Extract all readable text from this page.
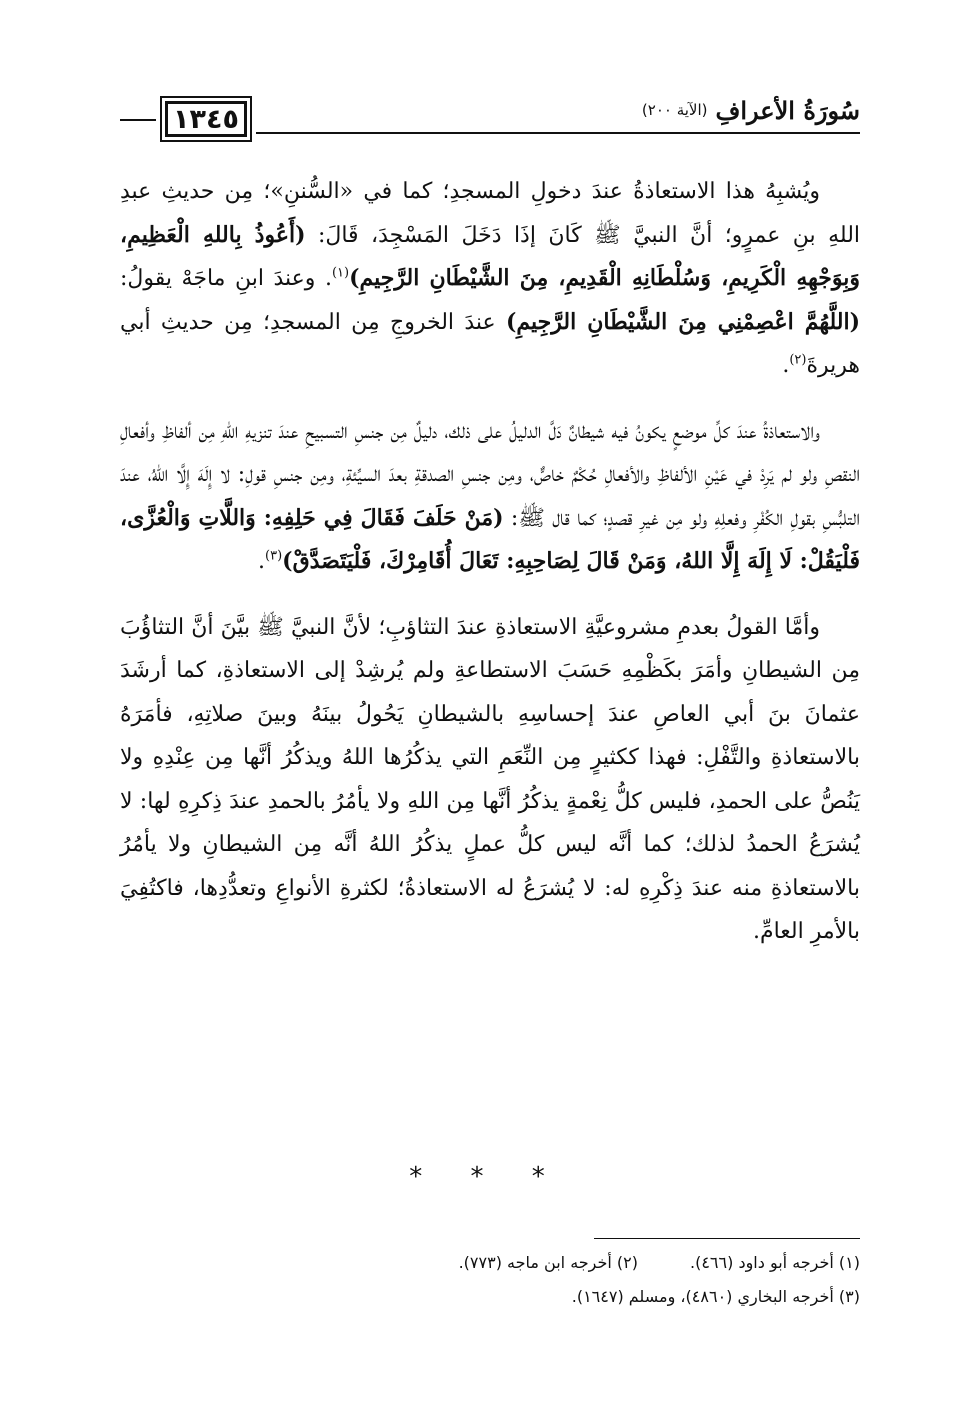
سُورَةُ الأعرافِ
(الآية ٢٠٠)
١٣٤٥

ويُشبِهُ هذا الاستعاذةُ عندَ دخولِ المسجدِ؛ كما في «السُّننِ»؛ مِن حديثِ عبدِ اللهِ بنِ عمرٍو؛ أنَّ النبيَّ ﷺ كَانَ إذَا دَخَلَ المَسْجِدَ، قَالَ: (أَعُوذُ بِاللهِ الْعَظِيمِ، وَبِوَجْهِهِ الْكَرِيمِ، وَسُلْطَانِهِ الْقَدِيمِ، مِنَ الشَّيْطَانِ الرَّجِيمِ)$^{(١)}$. وعندَ ابنِ ماجَهْ يقولُ: (اللَّهُمَّ اعْصِمْنِي مِنَ الشَّيْطَانِ الرَّجِيمِ) عندَ الخروجِ مِن المسجدِ؛ مِن حديثِ أبي هريرةَ$^{(٢)}$.

والاستعاذةُ عندَ كلِّ موضعٍ يكونُ فيه شيطانٌ دَلَّ الدليلُ على ذلك، دليلٌ مِن جنسِ التسبيحِ عندَ تنزيهِ اللهِ مِن ألفاظِ وأفعالِ النقصِ ولو لم يَرِدْ في عَيْنِ الألفاظِ والأفعالِ حُكْمٌ خاصٌّ، ومِن جنسِ الصدقةِ بعدَ السيِّئةِ، ومِن جنسِ قولِ: لا إِلَهَ إِلَّا اللهُ، عندَ التلبُّسِ بقولِ الكُفْرِ وفعلِهِ ولو مِن غيرِ قصدٍ؛ كما قال ﷺ: (مَنْ حَلَفَ فَقَالَ فِي حَلِفِهِ: وَاللَّاتِ وَالْعُزَّى، فَلْيَقُلْ: لَا إِلَهَ إِلَّا اللهُ، وَمَنْ قَالَ لِصَاحِبِهِ: تَعَالَ أُقَامِرْكَ، فَلْيَتَصَدَّقْ)$^{(٣)}$.

وأمَّا القولُ بعدمِ مشروعيَّةِ الاستعاذةِ عندَ التثاؤبِ؛ لأنَّ النبيَّ ﷺ بيَّنَ أنَّ التثاؤُبَ مِن الشيطانِ وأمَرَ بكَظْمِهِ حَسَبَ الاستطاعةِ ولم يُرشِدْ إلى الاستعاذةِ، كما أرشَدَ عثمانَ بنَ أبي العاصِ عندَ إحساسِهِ بالشيطانِ يَحُولُ بينَهُ وبينَ صلاتِهِ، فأمَرَهُ بالاستعاذةِ والتَّفْلِ: فهذا ككثيرٍ مِن النِّعَمِ التي يذكُرُها اللهُ ويذكُرُ أنَّها مِن عِنْدِهِ ولا يَنُصُّ على الحمدِ، فليس كلُّ نِعْمةٍ يذكُرُ أنَّها مِن اللهِ ولا يأمُرُ بالحمدِ عندَ ذِكرِهِ لها: لا يُشرَعُ الحمدُ لذلك؛ كما أنَّه ليس كلُّ عملٍ يذكُرُ اللهُ أنَّه مِن الشيطانِ ولا يأمُرُ بالاستعاذةِ منه عندَ ذِكْرِهِ له: لا يُشرَعُ له الاستعاذةُ؛ لكثرةِ الأنواعِ وتعدُّدِها، فاكتُفِيَ بالأمرِ العامِّ.

* * *
(١) أخرجه أبو داود (٤٦٦).
(٢) أخرجه ابن ماجه (٧٧٣).
(٣) أخرجه البخاري (٤٨٦٠)، ومسلم (١٦٤٧).
